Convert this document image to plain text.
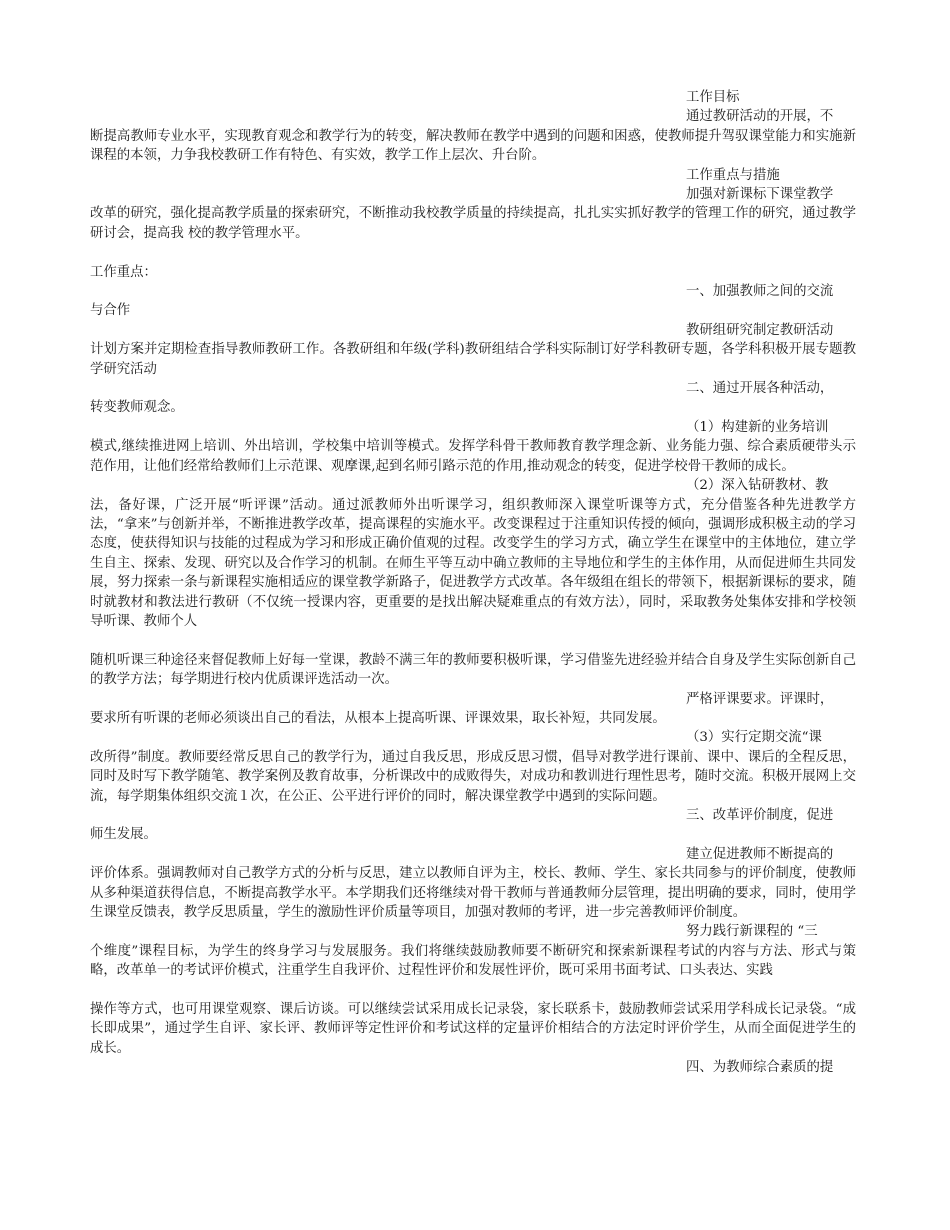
工作目标

通过教研活动的开展，不

断提高教师专业水平，实现教育观念和教学行为的转变，解决教师在教学中遇到的问题和困惑，使教师提升驾驭课堂能力和实施新课程的本领，力争我校教研工作有特色、有实效，教学工作上层次、升台阶。

工作重点与措施

加强对新课标下课堂教学

改革的研究，强化提高教学质量的探索研究，不断推动我校教学质量的持续提高，扎扎实实抓好教学的管理工作的研究，通过教学研讨会，提高我 校的教学管理水平。

工作重点：

一、加强教师之间的交流

与合作

教研组研究制定教研活动

计划方案并定期检查指导教师教研工作。各教研组和年级(学科)教研组结合学科实际制订好学科教研专题，各学科积极开展专题教学研究活动

二、通过开展各种活动，

转变教师观念。

（1）构建新的业务培训

模式,继续推进网上培训、外出培训，学校集中培训等模式。发挥学科骨干教师教育教学理念新、业务能力强、综合素质硬带头示范作用，让他们经常给教师们上示范课、观摩课,起到名师引路示范的作用,推动观念的转变，促进学校骨干教师的成长。

（2）深入钻研教材、教

法，备好课，广泛开展“听评课”活动。通过派教师外出听课学习，组织教师深入课堂听课等方式，充分借鉴各种先进教学方法，“拿来”与创新并举，不断推进教学改革，提高课程的实施水平。改变课程过于注重知识传授的倾向，强调形成积极主动的学习态度，使获得知识与技能的过程成为学习和形成正确价值观的过程。改变学生的学习方式，确立学生在课堂中的主体地位，建立学生自主、探索、发现、研究以及合作学习的机制。在师生平等互动中确立教师的主导地位和学生的主体作用，从而促进师生共同发展，努力探索一条与新课程实施相适应的课堂教学新路子，促进教学方式改革。各年级组在组长的带领下，根据新课标的要求，随时就教材和教法进行教研（不仅统一授课内容，更重要的是找出解决疑难重点的有效方法），同时，采取教务处集体安排和学校领导听课、教师个人

随机听课三种途径来督促教师上好每一堂课，教龄不满三年的教师要积极听课，学习借鉴先进经验并结合自身及学生实际创新自己的教学方法；每学期进行校内优质课评选活动一次。

严格评课要求。评课时，

要求所有听课的老师必须谈出自己的看法，从根本上提高听课、评课效果，取长补短，共同发展。

（3）实行定期交流“课

改所得”制度。教师要经常反思自己的教学行为，通过自我反思，形成反思习惯，倡导对教学进行课前、课中、课后的全程反思，同时及时写下教学随笔、教学案例及教育故事，分析课改中的成败得失，对成功和教训进行理性思考，随时交流。积极开展网上交流，每学期集体组织交流１次，在公正、公平进行评价的同时，解决课堂教学中遇到的实际问题。

三、改革评价制度，促进

师生发展。

建立促进教师不断提高的

评价体系。强调教师对自己教学方式的分析与反思，建立以教师自评为主，校长、教师、学生、家长共同参与的评价制度，使教师从多种渠道获得信息，不断提高教学水平。本学期我们还将继续对骨干教师与普通教师分层管理，提出明确的要求，同时，使用学生课堂反馈表，教学反思质量，学生的激励性评价质量等项目，加强对教师的考评，进一步完善教师评价制度。

努力践行新课程的 “三

个维度”课程目标，为学生的终身学习与发展服务。我们将继续鼓励教师要不断研究和探索新课程考试的内容与方法、形式与策略，改革单一的考试评价模式，注重学生自我评价、过程性评价和发展性评价，既可采用书面考试、口头表达、实践

操作等方式，也可用课堂观察、课后访谈。可以继续尝试采用成长记录袋，家长联系卡，鼓励教师尝试采用学科成长记录袋。“成长即成果”，通过学生自评、家长评、教师评等定性评价和考试这样的定量评价相结合的方法定时评价学生，从而全面促进学生的成长。

四、为教师综合素质的提
